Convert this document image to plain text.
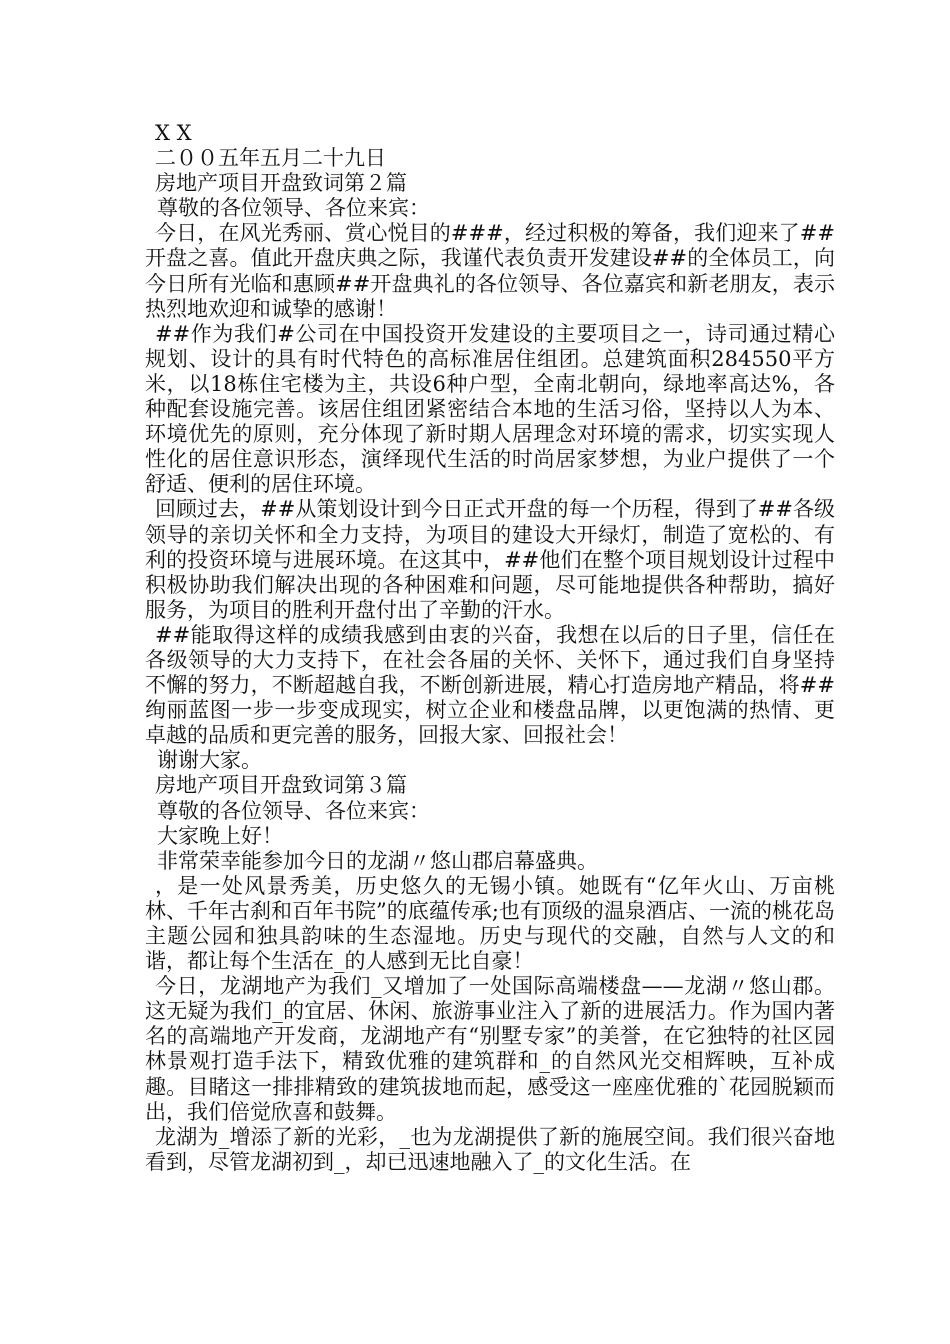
X X

二００五年五月二十九日

房地产项目开盘致词第２篇

尊敬的各位领导、各位来宾：

今日，在风光秀丽、赏心悦目的###，经过积极的筹备，我们迎来了##开盘之喜。值此开盘庆典之际，我谨代表负责开发建设##的全体员工，向今日所有光临和惠顾##开盘典礼的各位领导、各位嘉宾和新老朋友，表示热烈地欢迎和诚挚的感谢！

##作为我们#公司在中国投资开发建设的主要项目之一，诗司通过精心规划、设计的具有时代特色的高标准居住组团。总建筑面积284550平方米，以18栋住宅楼为主，共设6种户型，全南北朝向，绿地率高达%，各种配套设施完善。该居住组团紧密结合本地的生活习俗，坚持以人为本、环境优先的原则，充分体现了新时期人居理念对环境的需求，切实实现人性化的居住意识形态，演绎现代生活的时尚居家梦想，为业户提供了一个舒适、便利的居住环境。

回顾过去，##从策划设计到今日正式开盘的每一个历程，得到了##各级领导的亲切关怀和全力支持，为项目的建设大开绿灯，制造了宽松的、有利的投资环境与进展环境。在这其中，##他们在整个项目规划设计过程中积极协助我们解决出现的各种困难和问题，尽可能地提供各种帮助，搞好服务，为项目的胜利开盘付出了辛勤的汗水。

##能取得这样的成绩我感到由衷的兴奋，我想在以后的日子里，信任在各级领导的大力支持下，在社会各届的关怀、关怀下，通过我们自身坚持不懈的努力，不断超越自我，不断创新进展，精心打造房地产精品，将##绚丽蓝图一步一步变成现实，树立企业和楼盘品牌，以更饱满的热情、更卓越的品质和更完善的服务，回报大家、回报社会！

谢谢大家。

房地产项目开盘致词第３篇

尊敬的各位领导、各位来宾：

大家晚上好！

非常荣幸能参加今日的龙湖〃悠山郡启幕盛典。

，是一处风景秀美，历史悠久的无锡小镇。她既有“亿年火山、万亩桃林、千年古刹和百年书院”的底蕴传承;也有顶级的温泉酒店、一流的桃花岛主题公园和独具韵味的生态湿地。历史与现代的交融，自然与人文的和谐，都让每个生活在_的人感到无比自豪！

今日，龙湖地产为我们_又增加了一处国际高端楼盘——龙湖〃悠山郡。这无疑为我们_的宜居、休闲、旅游事业注入了新的进展活力。作为国内著名的高端地产开发商，龙湖地产有“别墅专家”的美誉，在它独特的社区园林景观打造手法下，精致优雅的建筑群和_的自然风光交相辉映，互补成趣。目睹这一排排精致的建筑拔地而起，感受这一座座优雅的`花园脱颖而出，我们倍觉欣喜和鼓舞。

龙湖为_增添了新的光彩，_也为龙湖提供了新的施展空间。我们很兴奋地看到，尽管龙湖初到_，却已迅速地融入了_的文化生活。在
